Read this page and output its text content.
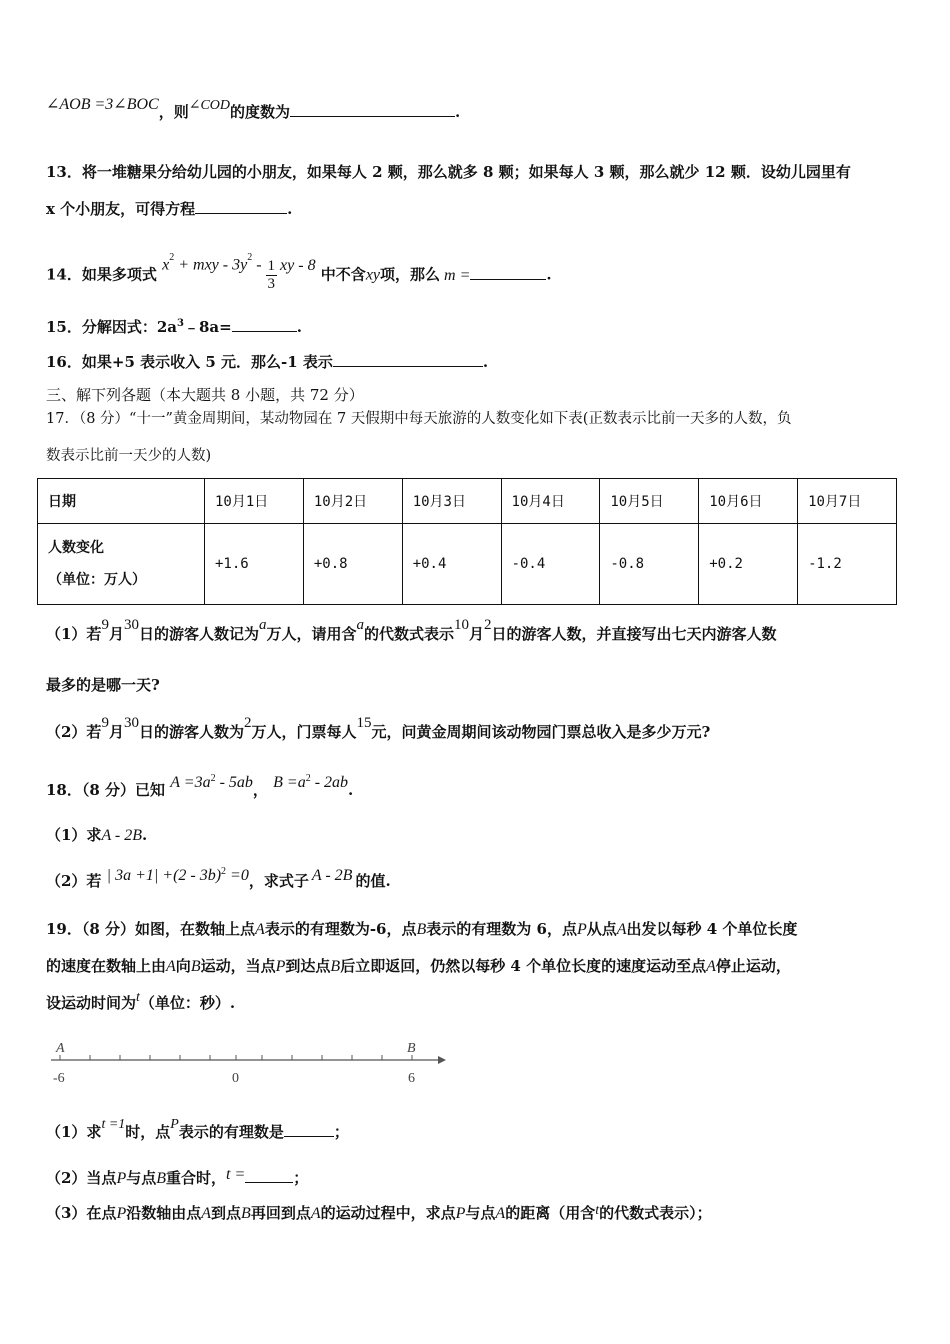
∠AOB =3∠BOC，则∠COD的度数为	.
13．将一堆糖果分给幼儿园的小朋友，如果每人 2 颗，那么就多 8 颗；如果每人 3 颗，那么就少 12 颗．设幼儿园里有
x 个小朋友，可得方程	.
14．如果多项式 $x^2$ + mxy - $3y^2 - \frac{1}{3}$ xy - 8 中不含xy项，那么 m =	.
15．分解因式：$2a^3﹣8a=$	.
16．如果+5 表示收入 5 元．那么-1 表示	.
三、解下列各题（本大题共 8 小题，共 72 分）
17．（8 分）“十一”黄金周期间，某动物园在 7 天假期中每天旅游的人数变化如下表(正数表示比前一天多的人数，负
数表示比前一天少的人数)
日期	10月1日	10月2日	10月3日	10月4日	10月5日	10月6日	10月7日

人数变化
（单位：万人）	+1.6	+0.8	+0.4	-0.4	-0.8	+0.2	-1.2
（1）若9月30日的游客人数记为a万人，请用含a的代数式表示10月2日的游客人数，并直接写出七天内游客人数
最多的是哪一天?
（2）若9月30日的游客人数为2万人，门票每人15元，问黄金周期间该动物园门票总收入是多少万元?
18．（8 分）已知 $A =3a^2 - 5ab$， $B =a^2 - 2ab$.
（1）求A - 2B.
（2）若 | 3a +1| +(2 - 3b)$^2$ =0，求式子 A - 2B 的值.
19．（8 分）如图，在数轴上点A表示的有理数为-6，点B表示的有理数为 6，点P从点A出发以每秒 4 个单位长度
的速度在数轴上由A向B运动，当点P到达点B后立即返回，仍然以每秒 4 个单位长度的速度运动至点A停止运动，
设运动时间为t（单位：秒）.
A	B
-6	0	6
（1）求t =1时，点P表示的有理数是	；
（2）当点P与点B重合时，t =	；
（3）在点P沿数轴由点A到点B再回到点A的运动过程中，求点P与点A的距离（用含t的代数式表示）；
